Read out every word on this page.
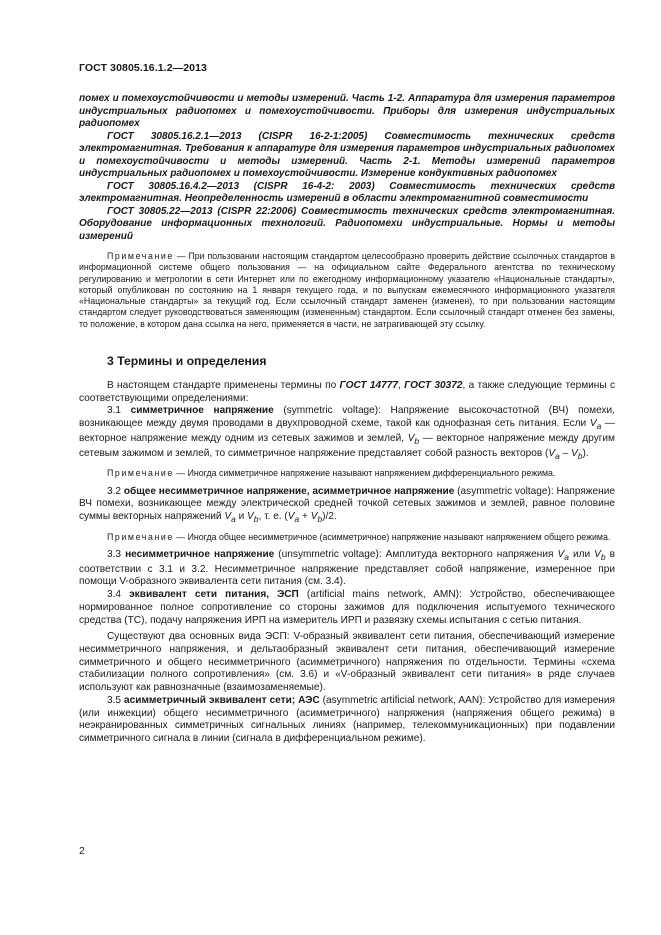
ГОСТ 30805.16.1.2—2013

помех и помехоустойчивости и методы измерений. Часть 1-2. Аппаратура для измерения параметров индустриальных радиопомех и помехоустойчивости. Приборы для измерения индустриальных радиопомех

ГОСТ 30805.16.2.1—2013 (CISPR 16-2-1:2005) Совместимость технических средств электромагнитная. Требования к аппаратуре для измерения параметров индустриальных радиопомех и помехоустойчивости и методы измерений. Часть 2-1. Методы измерений параметров индустриальных радиопомех и помехоустойчивости. Измерение кондуктивных радиопомех

ГОСТ 30805.16.4.2—2013 (CISPR 16-4-2: 2003) Совместимость технических средств электромагнитная. Неопределенность измерений в области электромагнитной совместимости

ГОСТ 30805.22—2013 (CISPR 22:2006) Совместимость технических средств электромагнитная. Оборудование информационных технологий. Радиопомехи индустриальные. Нормы и методы измерений

Примечание — При пользовании настоящим стандартом целесообразно проверить действие ссылочных стандартов в информационной системе общего пользования — на официальном сайте Федерального агентства по техническому регулированию и метрологии в сети Интернет или по ежегодному информационному указателю «Национальные стандарты», который опубликован по состоянию на 1 января текущего года, и по выпускам ежемесячного информационного указателя «Национальные стандарты» за текущий год. Если ссылочный стандарт заменен (изменен), то при пользовании настоящим стандартом следует руководствоваться заменяющим (измененным) стандартом. Если ссылочный стандарт отменен без замены, то положение, в котором дана ссылка на него, применяется в части, не затрагивающей эту ссылку.

3 Термины и определения

В настоящем стандарте применены термины по ГОСТ 14777, ГОСТ 30372, а также следующие термины с соответствующими определениями:

3.1 симметричное напряжение (symmetric voltage): Напряжение высокочастотной (ВЧ) помехи, возникающее между двумя проводами в двухпроводной схеме, такой как однофазная сеть питания. Если $V_a$ — векторное напряжение между одним из сетевых зажимов и землей, $V_b$ — векторное напряжение между другим сетевым зажимом и землей, то симметричное напряжение представляет собой разность векторов $(V_a - V_b)$.

Примечание — Иногда симметричное напряжение называют напряжением дифференциального режима.

3.2 общее несимметричное напряжение, асимметричное напряжение (asymmetric voltage): Напряжение ВЧ помехи, возникающее между электрической средней точкой сетевых зажимов и землей, равное половине суммы векторных напряжений $V_a$ и $V_b$, т. е. $(V_a + V_b)/2$.

Примечание — Иногда общее несимметричное (асимметричное) напряжение называют напряжением общего режима.

3.3 несимметричное напряжение (unsymmetric voltage): Амплитуда векторного напряжения $V_a$ или $V_b$ в соответствии с 3.1 и 3.2. Несимметричное напряжение представляет собой напряжение, измеренное при помощи V-образного эквивалента сети питания (см. 3.4).

3.4 эквивалент сети питания, ЭСП (artificial mains network, AMN): Устройство, обеспечивающее нормированное полное сопротивление со стороны зажимов для подключения испытуемого технического средства (ТС), подачу напряжения ИРП на измеритель ИРП и развязку схемы испытания с сетью питания.

Существуют два основных вида ЭСП: V-образный эквивалент сети питания, обеспечивающий измерение несимметричного напряжения, и дельтаобразный эквивалент сети питания, обеспечивающий измерение симметричного и общего несимметричного (асимметричного) напряжения по отдельности. Термины «схема стабилизации полного сопротивления» (см. 3.6) и «V-образный эквивалент сети питания» в ряде случаев используют как равнозначные (взаимозаменяемые).

3.5 асимметричный эквивалент сети; АЭС (asymmetric artificial network, AAN): Устройство для измерения (или инжекции) общего несимметричного (асимметричного) напряжения (напряжения общего режима) в неэкранированных симметричных сигнальных линиях (например, телекоммуникационных) при подавлении симметричного сигнала в линии (сигнала в дифференциальном режиме).

2
